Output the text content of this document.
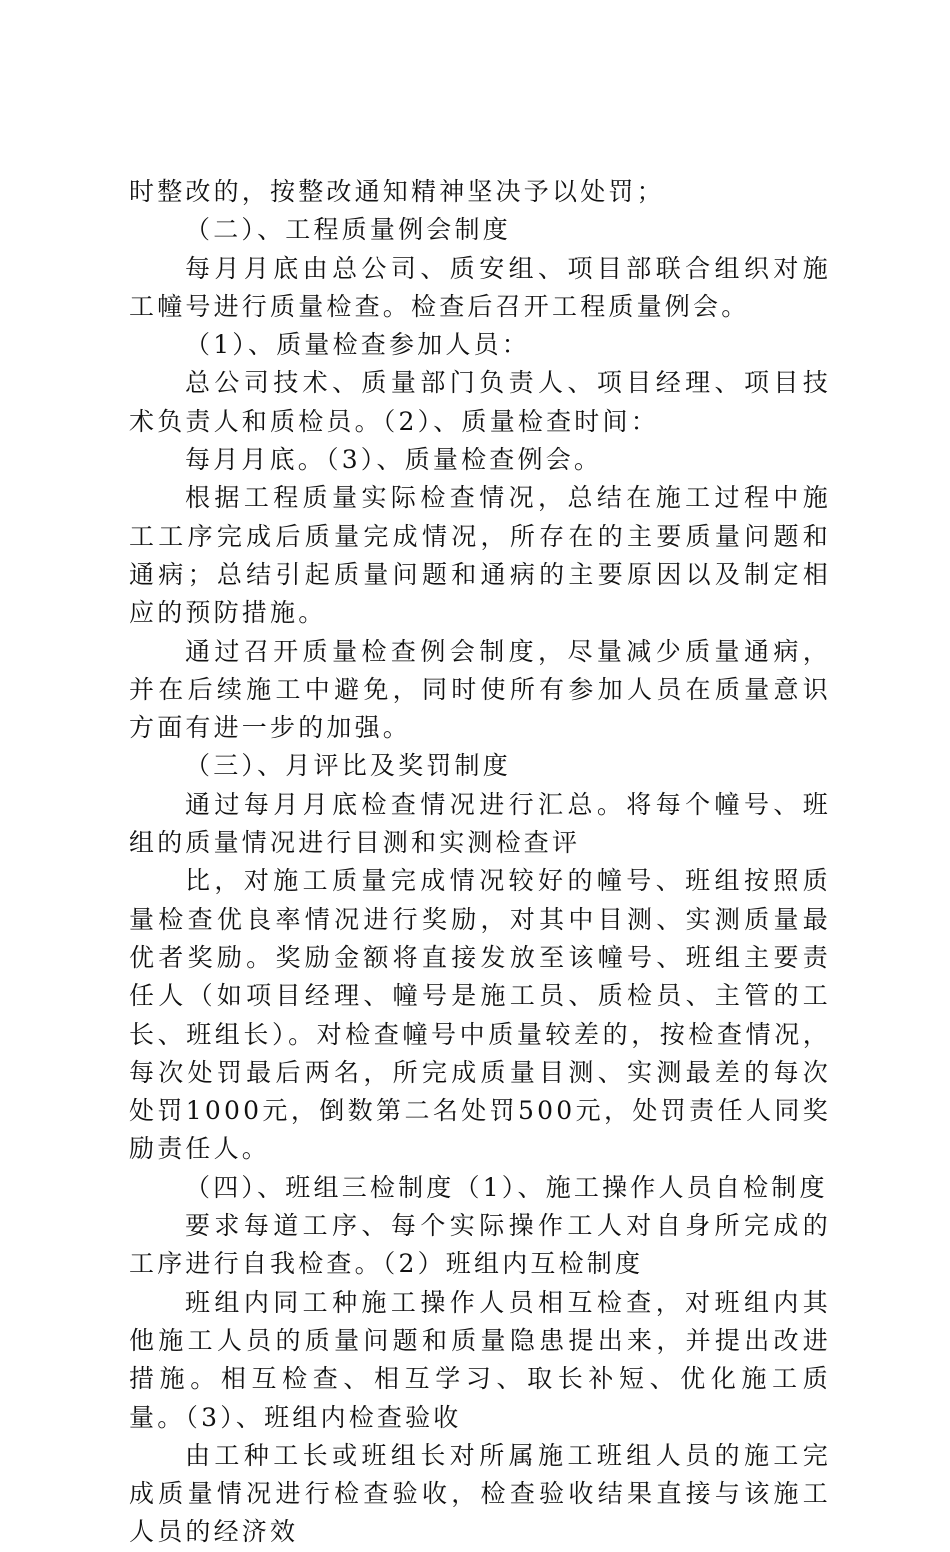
时整改的，按整改通知精神坚决予以处罚；

（二）、工程质量例会制度

每月月底由总公司、质安组、项目部联合组织对施工幢号进行质量检查。检查后召开工程质量例会。

（1）、质量检查参加人员：

总公司技术、质量部门负责人、项目经理、项目技术负责人和质检员。（2）、质量检查时间：

每月月底。（3）、质量检查例会。

根据工程质量实际检查情况，总结在施工过程中施工工序完成后质量完成情况，所存在的主要质量问题和通病；总结引起质量问题和通病的主要原因以及制定相应的预防措施。

通过召开质量检查例会制度，尽量减少质量通病，并在后续施工中避免，同时使所有参加人员在质量意识方面有进一步的加强。

（三）、月评比及奖罚制度

通过每月月底检查情况进行汇总。将每个幢号、班组的质量情况进行目测和实测检查评

比，对施工质量完成情况较好的幢号、班组按照质量检查优良率情况进行奖励，对其中目测、实测质量最优者奖励。奖励金额将直接发放至该幢号、班组主要责任人（如项目经理、幢号是施工员、质检员、主管的工长、班组长）。对检查幢号中质量较差的，按检查情况，每次处罚最后两名，所完成质量目测、实测最差的每次处罚1000元，倒数第二名处罚500元，处罚责任人同奖励责任人。

（四）、班组三检制度（1）、施工操作人员自检制度

要求每道工序、每个实际操作工人对自身所完成的工序进行自我检查。（2）班组内互检制度

班组内同工种施工操作人员相互检查，对班组内其他施工人员的质量问题和质量隐患提出来，并提出改进措施。相互检查、相互学习、取长补短、优化施工质量。（3）、班组内检查验收

由工种工长或班组长对所属施工班组人员的施工完成质量情况进行检查验收，检查验收结果直接与该施工人员的经济效
